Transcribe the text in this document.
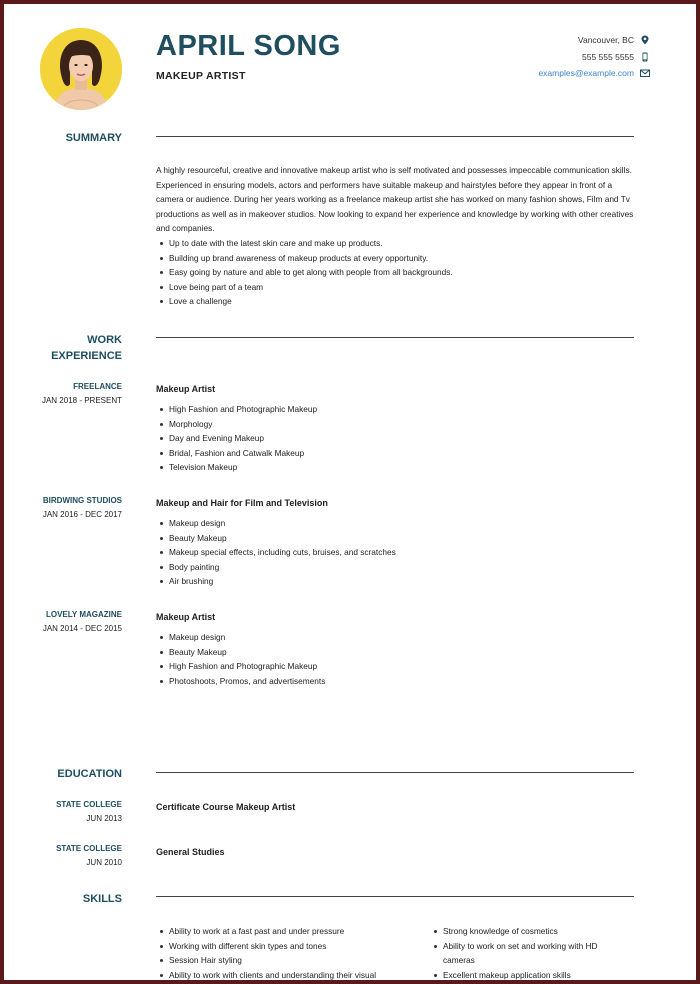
APRIL SONG
MAKEUP ARTIST
Vancouver, BC
555 555 5555
examples@example.com
SUMMARY

A highly resourceful, creative and innovative makeup artist who is self motivated and possesses impeccable communication skills. Experienced in ensuring models, actors and performers have suitable makeup and hairstyles before they appear in front of a camera or audience. During her years working as a freelance makeup artist she has worked on many fashion shows, Film and Tv productions as well as in makeover studios. Now looking to expand her experience and knowledge by working with other creatives and companies.

Up to date with the latest skin care and make up products.
Building up brand awareness of makeup products at every opportunity.
Easy going by nature and able to get along with people from all backgrounds.
Love being part of a team
Love a challenge
WORK
EXPERIENCE
FREELANCE
JAN 2018 - PRESENT
Makeup Artist
High Fashion and Photographic Makeup
Morphology
Day and Evening Makeup
Bridal, Fashion and Catwalk Makeup
Television Makeup
BIRDWING STUDIOS
JAN 2016 - DEC 2017
Makeup and Hair for Film and Television
Makeup design
Beauty Makeup
Makeup special effects, including cuts, bruises, and scratches
Body painting
Air brushing
LOVELY MAGAZINE
JAN 2014 - DEC 2015
Makeup Artist
Makeup design
Beauty Makeup
High Fashion and Photographic Makeup
Photoshoots, Promos, and advertisements
EDUCATION
STATE COLLEGE
JUN 2013
Certificate Course Makeup Artist
STATE COLLEGE
JUN 2010
General Studies
SKILLS
Ability to work at a fast past and under pressure
Working with different skin types and tones
Session Hair styling
Ability to work with clients and understanding their visual
Strong knowledge of cosmetics
Ability to work on set and working with HD
cameras
Excellent makeup application skills
